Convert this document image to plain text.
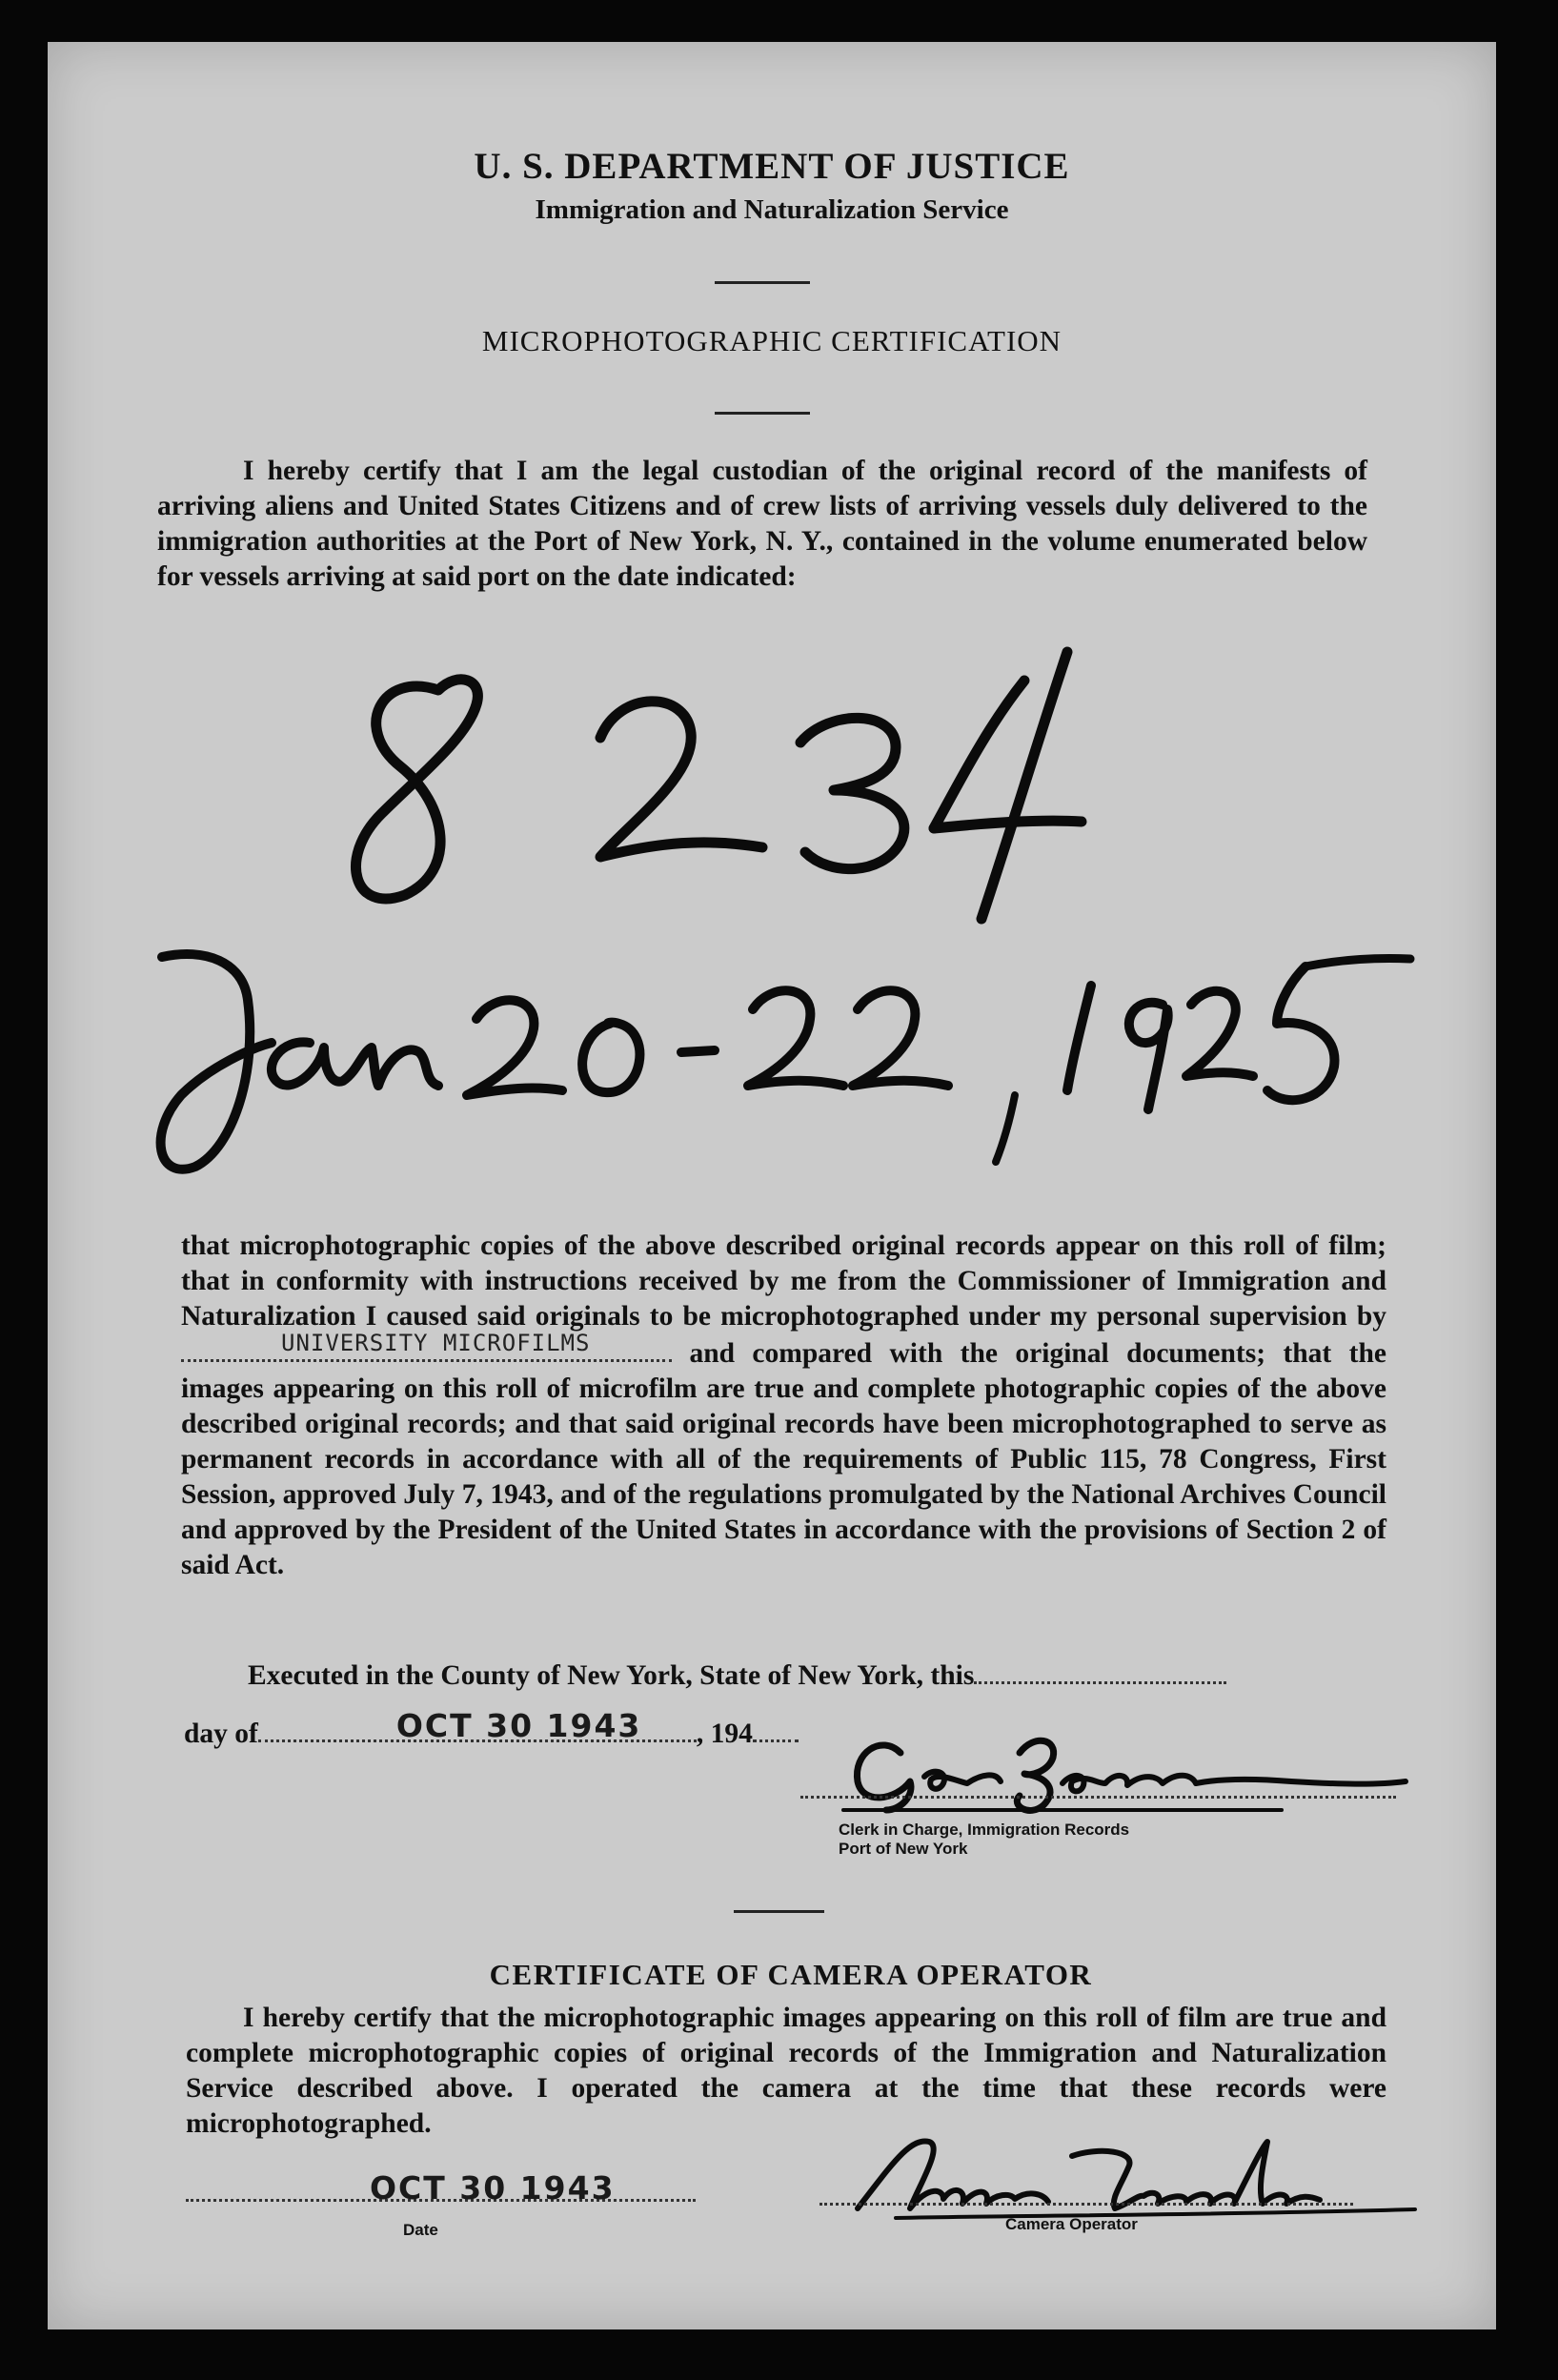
U. S. DEPARTMENT OF JUSTICE
Immigration and Naturalization Service
MICROPHOTOGRAPHIC CERTIFICATION
I hereby certify that I am the legal custodian of the original record of the manifests of arriving aliens and United States Citizens and of crew lists of arriving vessels duly delivered to the immigration authorities at the Port of New York, N. Y., contained in the volume enumerated below for vessels arriving at said port on the date indicated:
that microphotographic copies of the above described original records appear on this roll of film; that in conformity with instructions received by me from the Commissioner of Immigration and Naturalization I caused said originals to be microphotographed under my personal supervision by
UNIVERSITY MICROFILMS	and compared with the original documents; that the images appearing on this roll of microfilm are true and complete photographic copies of the above described original records; and that said original records have been microphotographed to serve as permanent records in accordance with all of the requirements of Public 115, 78 Congress, First Session, approved July 7, 1943, and of the regulations promulgated by the National Archives Council and approved by the President of the United States in accordance with the provisions of Section 2 of said Act.
Executed in the County of New York, State of New York, this
day of	OCT 30 1943 , 194
Clerk in Charge, Immigration Records
Port of New York
CERTIFICATE OF CAMERA OPERATOR
I hereby certify that the microphotographic images appearing on this roll of film are true and complete microphotographic copies of original records of the Immigration and Naturalization Service described above. I operated the camera at the time that these records were microphotographed.
OCT 30 1943
Date	Camera Operator
